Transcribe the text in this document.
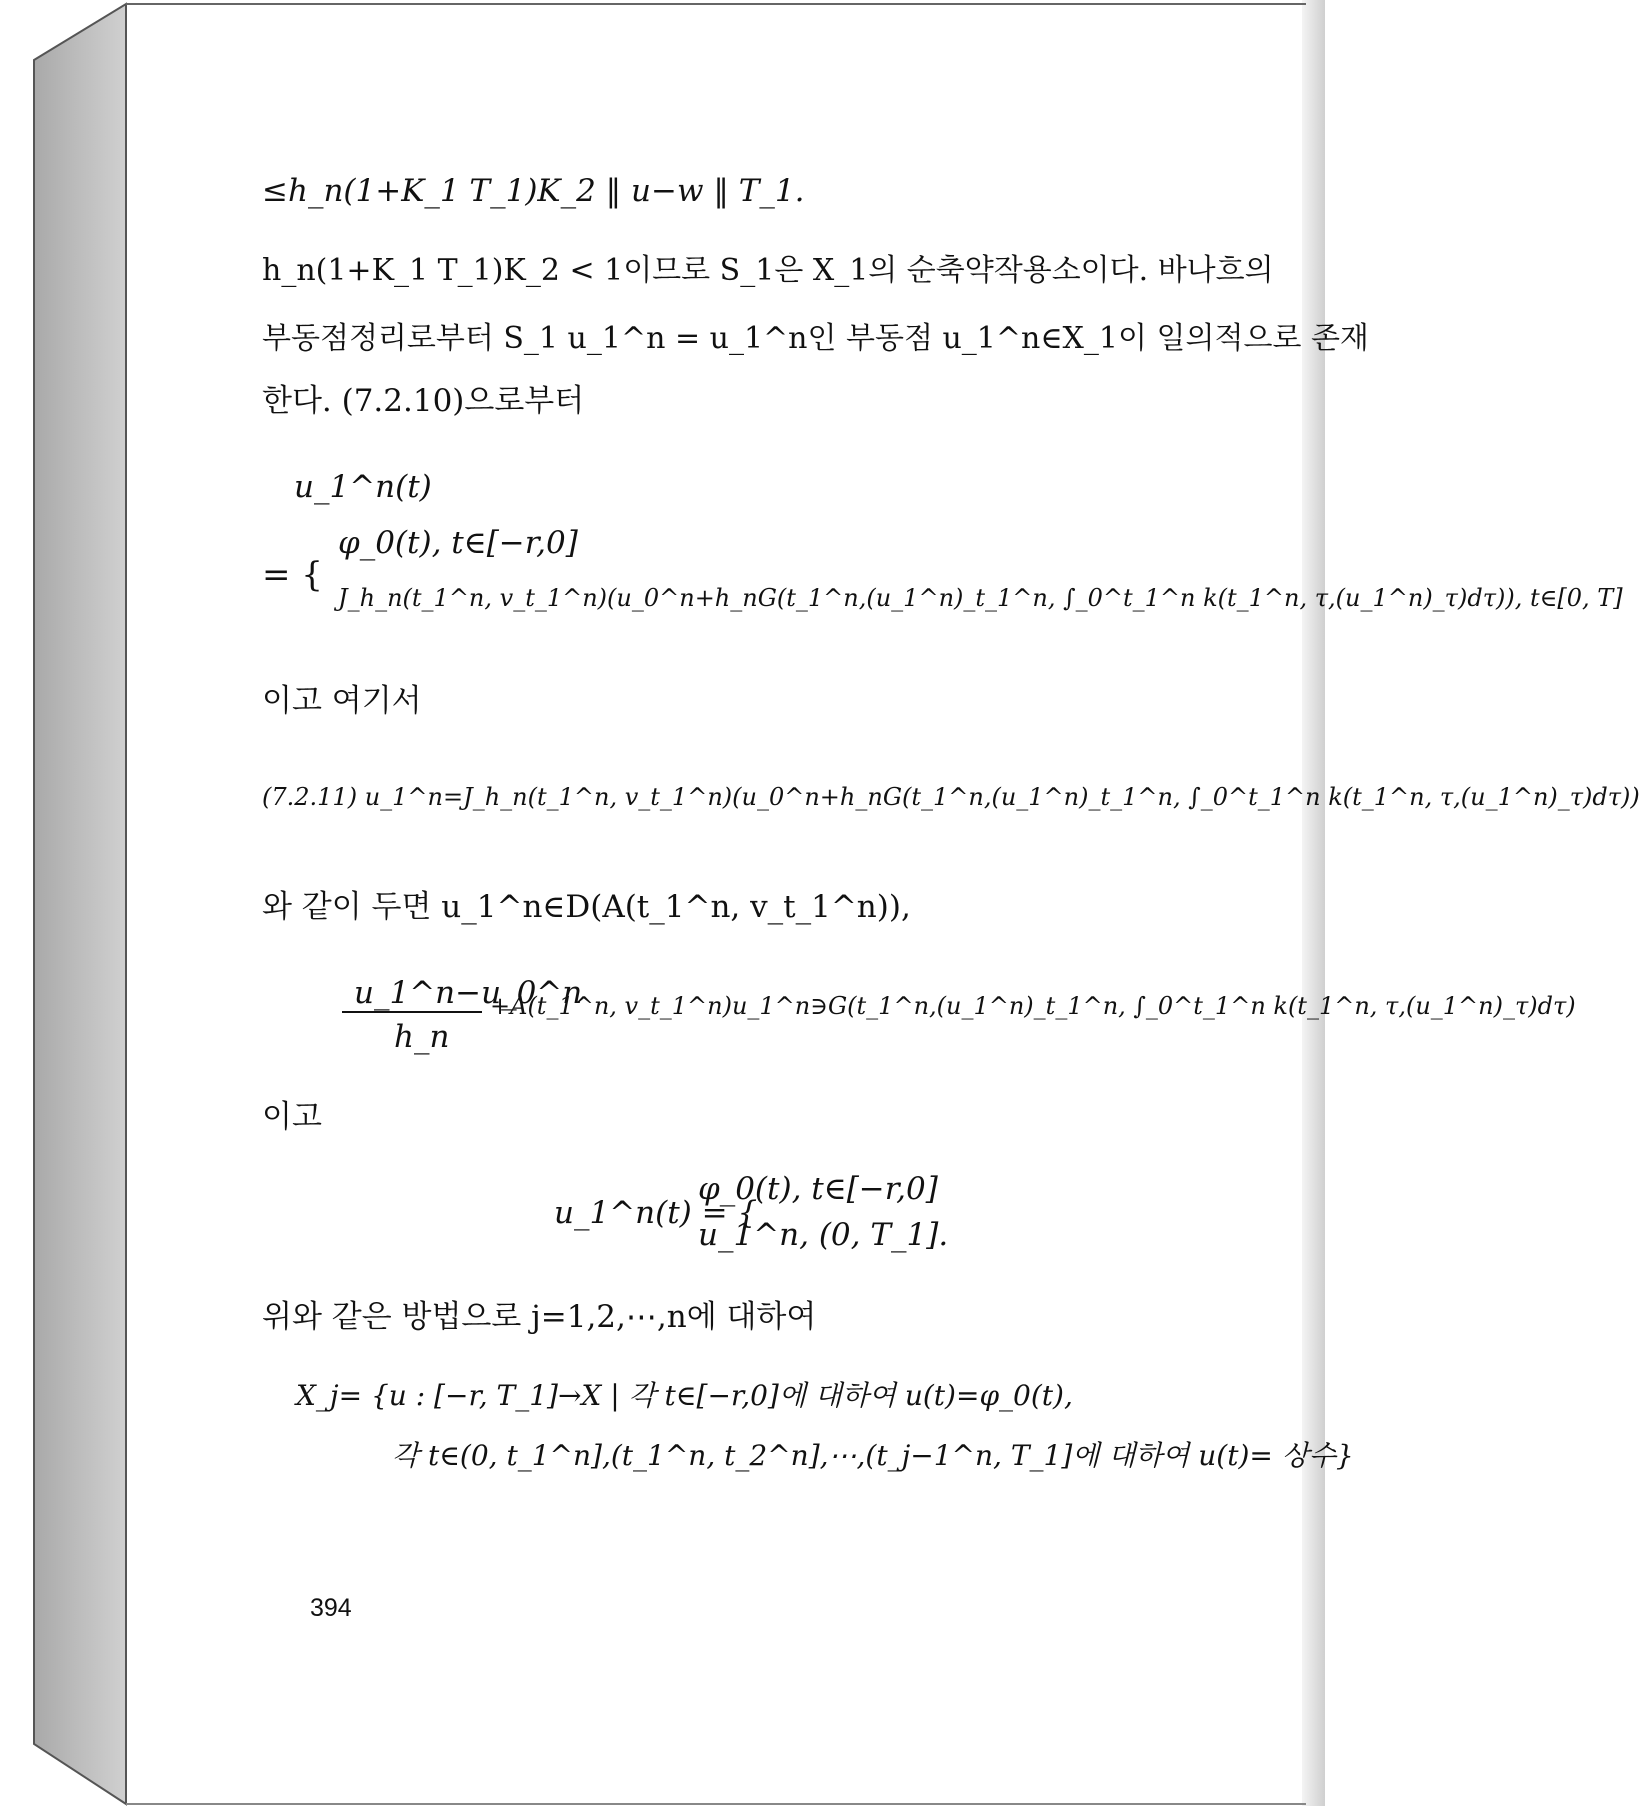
≤h_n(1+K_1 T_1)K_2 ‖ u−w ‖ T_1.
h_n(1+K_1 T_1)K_2 < 1이므로 S_1은 X_1의 순축약작용소이다. 바나흐의
부동점정리로부터 S_1 u_1^n = u_1^n인 부동점 u_1^n∈X_1이 일의적으로 존재
한다. (7.2.10)으로부터
u_1^n(t)
φ_0(t), t∈[−r,0]
= {
J_h_n(t_1^n, v_t_1^n)(u_0^n+h_nG(t_1^n,(u_1^n)_t_1^n, ∫_0^t_1^n k(t_1^n, τ,(u_1^n)_τ)dτ)), t∈[0, T]
이고 여기서
(7.2.11) u_1^n=J_h_n(t_1^n, v_t_1^n)(u_0^n+h_nG(t_1^n,(u_1^n)_t_1^n, ∫_0^t_1^n k(t_1^n, τ,(u_1^n)_τ)dτ))
와 같이 두면 u_1^n∈D(A(t_1^n, v_t_1^n)),
u_1^n−u_0^n
+A(t_1^n, v_t_1^n)u_1^n∋G(t_1^n,(u_1^n)_t_1^n, ∫_0^t_1^n k(t_1^n, τ,(u_1^n)_τ)dτ)
h_n
이고
u_1^n(t) = {
φ_0(t), t∈[−r,0]
u_1^n, (0, T_1].
위와 같은 방법으로 j=1,2,⋯,n에 대하여
X_j= {u : [−r, T_1]→X | 각 t∈[−r,0]에 대하여 u(t)=φ_0(t),
각 t∈(0, t_1^n],(t_1^n, t_2^n],⋯,(t_j−1^n, T_1]에 대하여 u(t)= 상수}
394
